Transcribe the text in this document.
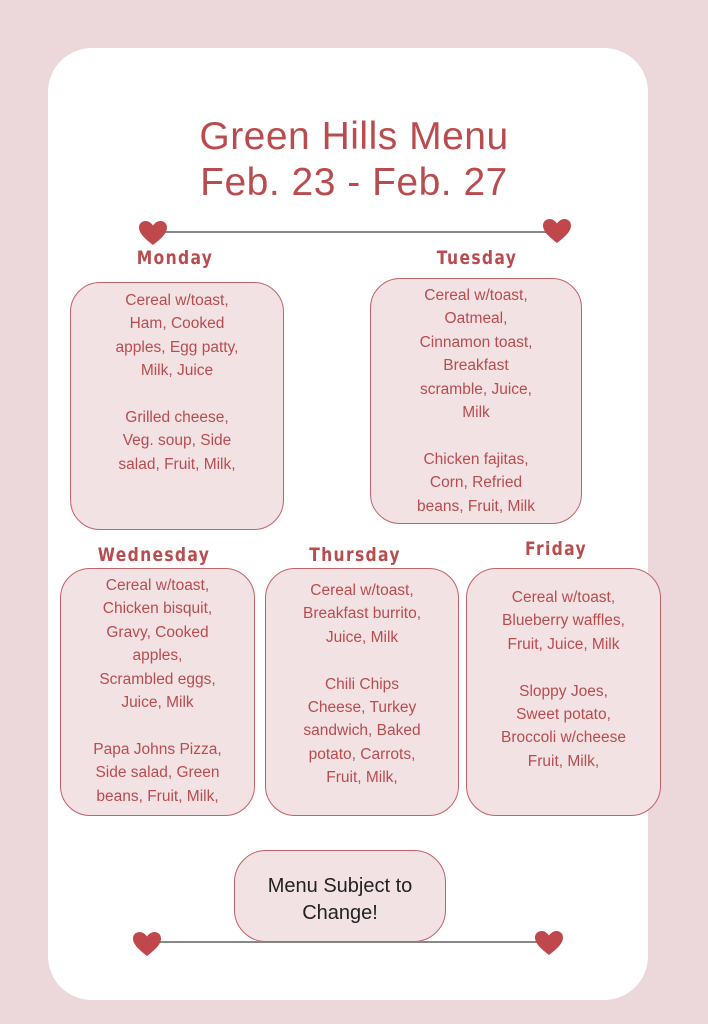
Green Hills Menu
Feb. 23 - Feb. 27
Monday
Cereal w/toast,
Ham, Cooked
apples, Egg patty,
Milk, Juice
Grilled cheese,
Veg. soup, Side
salad, Fruit, Milk,
Tuesday
Cereal w/toast,
Oatmeal,
Cinnamon toast,
Breakfast
scramble, Juice,
Milk
Chicken fajitas,
Corn, Refried
beans, Fruit, Milk
Wednesday
Cereal w/toast,
Chicken bisquit,
Gravy, Cooked
apples,
Scrambled eggs,
Juice, Milk
Papa Johns Pizza,
Side salad, Green
beans, Fruit, Milk,
Thursday
Cereal w/toast,
Breakfast burrito,
Juice, Milk
Chili Chips
Cheese, Turkey
sandwich, Baked
potato, Carrots,
Fruit, Milk,
Friday
Cereal w/toast,
Blueberry waffles,
Fruit, Juice, Milk
Sloppy Joes,
Sweet potato,
Broccoli w/cheese
Fruit, Milk,
Menu Subject to
Change!
